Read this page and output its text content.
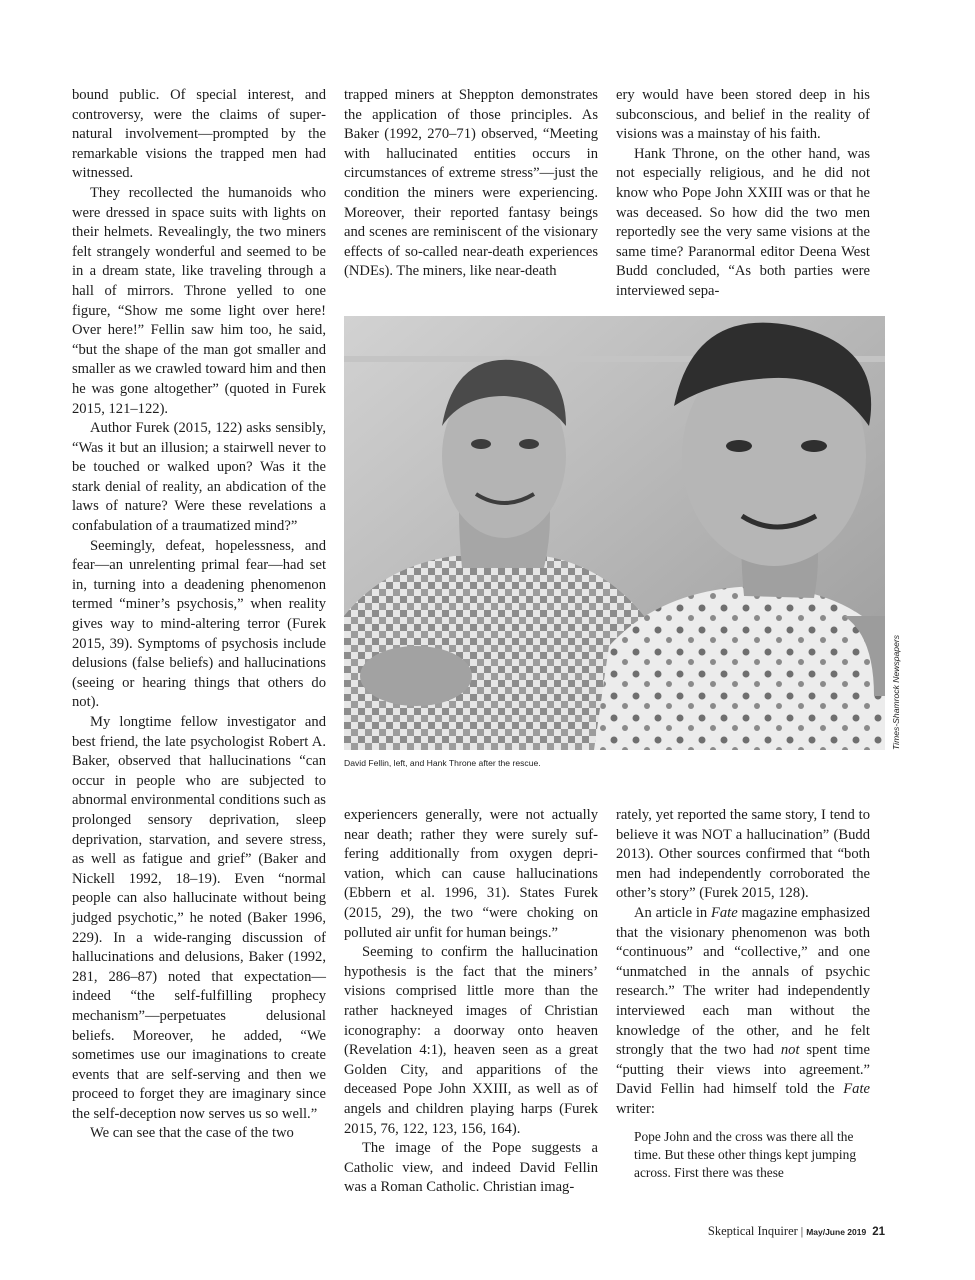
bound public. Of special interest, and controversy, were the claims of supernatural involvement—prompted by the remarkable visions the trapped men had witnessed.

They recollected the humanoids who were dressed in space suits with lights on their helmets. Revealingly, the two miners felt strangely wonderful and seemed to be in a dream state, like traveling through a hall of mirrors. Throne yelled to one figure, “Show me some light over here! Over here!” Fellin saw him too, he said, “but the shape of the man got smaller and smaller as we crawled toward him and then he was gone altogether” (quoted in Furek 2015, 121–122).

Author Furek (2015, 122) asks sensibly, “Was it but an illusion; a stairwell never to be touched or walked upon? Was it the stark denial of reality, an abdication of the laws of nature? Were these revelations a confabulation of a traumatized mind?”

Seemingly, defeat, hopelessness, and fear—an unrelenting primal fear—had set in, turning into a deadening phenomenon termed “miner’s psychosis,” when reality gives way to mind-altering terror (Furek 2015, 39). Symptoms of psychosis include delusions (false beliefs) and hallucinations (seeing or hearing things that others do not).

My longtime fellow investigator and best friend, the late psychologist Robert A. Baker, observed that hallucinations “can occur in people who are subjected to abnormal environmental conditions such as prolonged sensory deprivation, sleep deprivation, starvation, and severe stress, as well as fatigue and grief” (Baker and Nickell 1992, 18–19). Even “normal people can also hallucinate without being judged psychotic,” he noted (Baker 1996, 229). In a wide-ranging discussion of hallucinations and delusions, Baker (1992, 281, 286–87) noted that expectation—indeed “the self-fulfilling prophecy mechanism”—perpetuates delusional beliefs. Moreover, he added, “We sometimes use our imaginations to create events that are self-serving and then we proceed to forget they are imaginary since the self-deception now serves us so well.”

We can see that the case of the two

trapped miners at Sheppton demonstrates the application of those principles. As Baker (1992, 270–71) observed, “Meeting with hallucinated entities occurs in circumstances of extreme stress”—just the condition the miners were experiencing. Moreover, their reported fantasy beings and scenes are reminiscent of the visionary effects of so-called near-death experiences (NDEs). The miners, like near-death

ery would have been stored deep in his subconscious, and belief in the reality of visions was a mainstay of his faith.

Hank Throne, on the other hand, was not especially religious, and he did not know who Pope John XXIII was or that he was deceased. So how did the two men reportedly see the very same visions at the same time? Paranormal editor Deena West Budd concluded, “As both parties were interviewed sepa-

Times-Shamrock Newspapers
David Fellin, left, and Hank Throne after the rescue.

experiencers generally, were not actually near death; rather they were surely suffering additionally from oxygen deprivation, which can cause hallucinations (Ebbern et al. 1996, 31). States Furek (2015, 29), the two “were choking on polluted air unfit for human beings.”

Seeming to confirm the hallucination hypothesis is the fact that the miners’ visions comprised little more than the rather hackneyed images of Christian iconography: a doorway onto heaven (Revelation 4:1), heaven seen as a great Golden City, and apparitions of the deceased Pope John XXIII, as well as of angels and children playing harps (Furek 2015, 76, 122, 123, 156, 164).

The image of the Pope suggests a Catholic view, and indeed David Fellin was a Roman Catholic. Christian imag-

rately, yet reported the same story, I tend to believe it was NOT a hallucination” (Budd 2013). Other sources confirmed that “both men had independently corroborated the other’s story” (Furek 2015, 128).

An article in Fate magazine emphasized that the visionary phenomenon was both “continuous” and “collective,” and one “unmatched in the annals of psychic research.” The writer had independently interviewed each man without the knowledge of the other, and he felt strongly that the two had not spent time “putting their views into agreement.” David Fellin had himself told the Fate writer:

Pope John and the cross was there all the time. But these other things kept jumping across. First there was these

Skeptical Inquirer | May/June 2019 21
